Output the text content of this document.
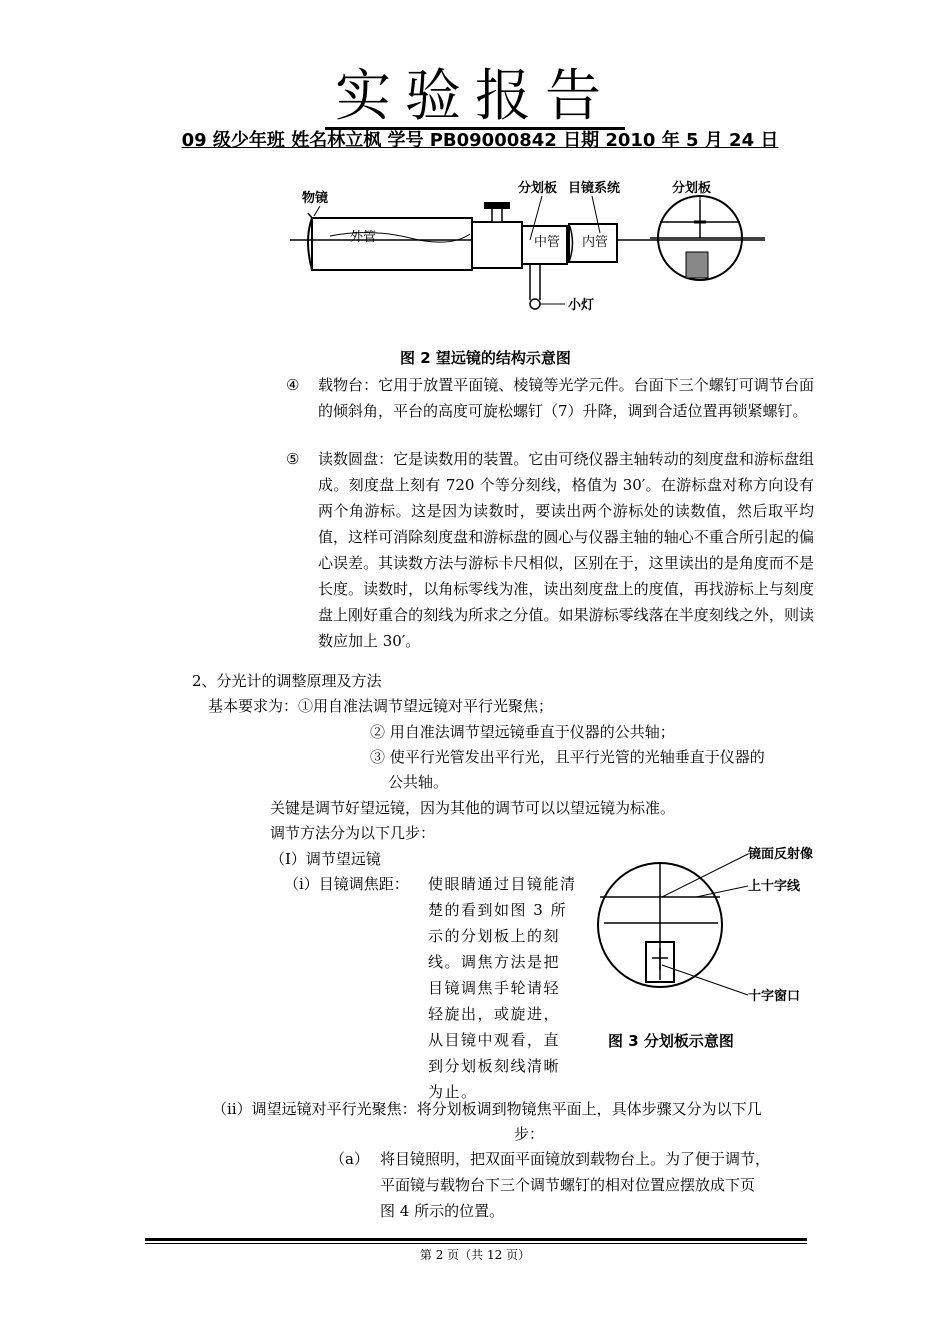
实验报告
09 级少年班 姓名林立枫 学号 PB09000842 日期 2010 年 5 月 24 日
物镜
外管
分划板 目镜系统
中管 内管
小灯
分划板
图 2 望远镜的结构示意图
④ 载物台：它用于放置平面镜、棱镜等光学元件。台面下三个螺钉可调节台面的倾斜角，平台的高度可旋松螺钉（7）升降，调到合适位置再锁紧螺钉。
⑤ 读数圆盘：它是读数用的装置。它由可绕仪器主轴转动的刻度盘和游标盘组成。刻度盘上刻有 720 个等分刻线，格值为 30′。在游标盘对称方向设有两个角游标。这是因为读数时，要读出两个游标处的读数值，然后取平均值，这样可消除刻度盘和游标盘的圆心与仪器主轴的轴心不重合所引起的偏心误差。其读数方法与游标卡尺相似，区别在于，这里读出的是角度而不是长度。读数时，以角标零线为准，读出刻度盘上的度值，再找游标上与刻度盘上刚好重合的刻线为所求之分值。如果游标零线落在半度刻线之外，则读数应加上 30′。
2、分光计的调整原理及方法
基本要求为：①用自准法调节望远镜对平行光聚焦；
② 用自准法调节望远镜垂直于仪器的公共轴；
③ 使平行光管发出平行光，且平行光管的光轴垂直于仪器的
公共轴。
关键是调节好望远镜，因为其他的调节可以以望远镜为标准。
调节方法分为以下几步：
（Ⅰ）调节望远镜
（ⅰ）目镜调焦距： 使眼睛通过目镜能清
楚的看到如图 3 所
示的分划板上的刻
线。调焦方法是把
目镜调焦手轮请轻
轻旋出，或旋进，
从目镜中观看，直
到分划板刻线清晰
为止。
镜面反射像
上十字线
十字窗口
图 3 分划板示意图
（ⅱ）调望远镜对平行光聚焦：将分划板调到物镜焦平面上，具体步骤又分为以下几
步：
（a） 将目镜照明，把双面平面镜放到载物台上。为了便于调节，
平面镜与载物台下三个调节螺钉的相对位置应摆放成下页
图 4 所示的位置。
第 2 页（共 12 页）
